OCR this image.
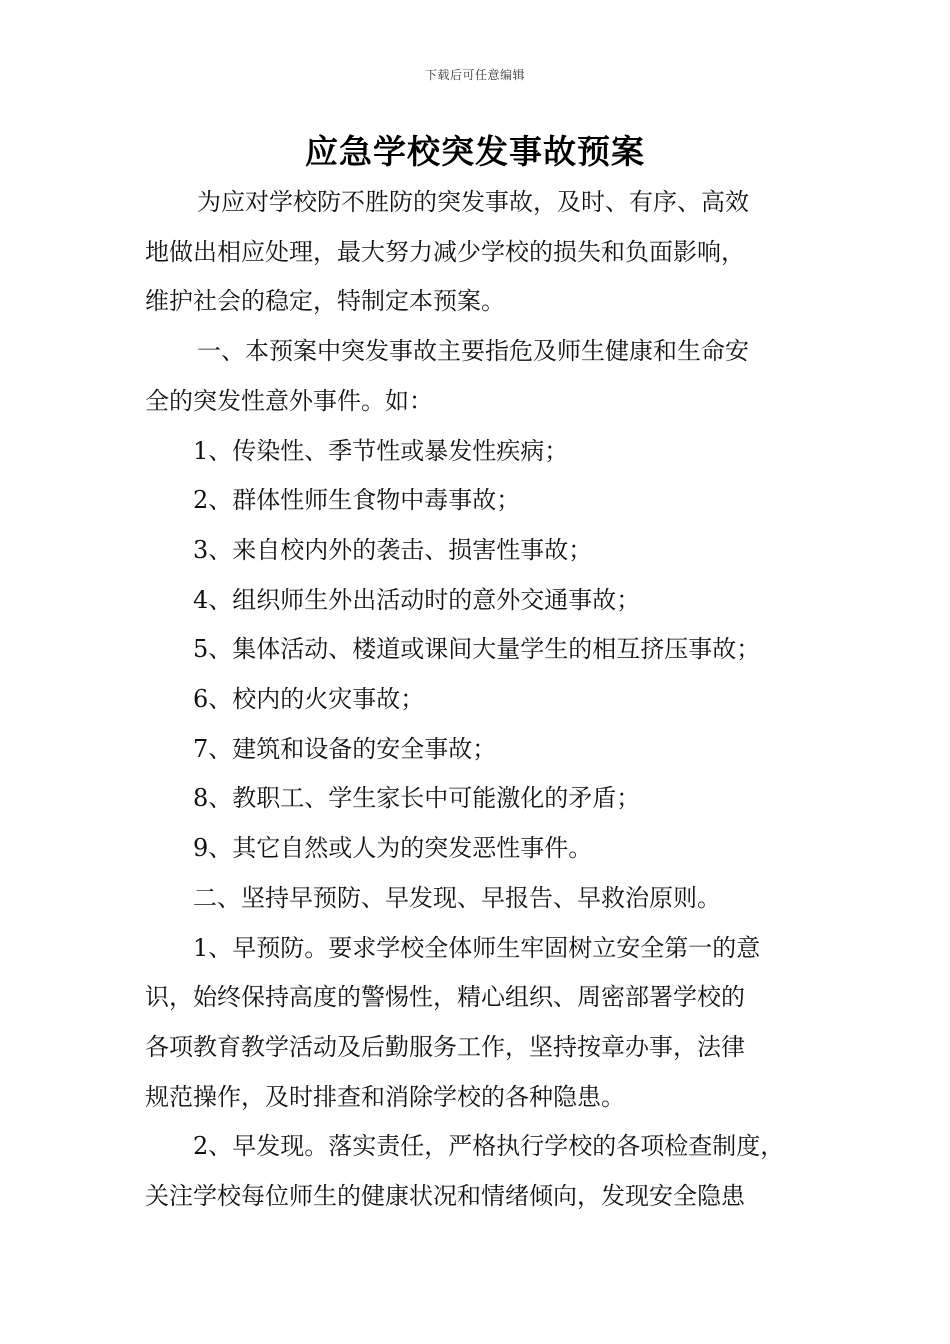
下载后可任意编辑
应急学校突发事故预案

为应对学校防不胜防的突发事故，及时、有序、高效

地做出相应处理，最大努力减少学校的损失和负面影响，

维护社会的稳定，特制定本预案。

一、本预案中突发事故主要指危及师生健康和生命安

全的突发性意外事件。如：

1、传染性、季节性或暴发性疾病；

2、群体性师生食物中毒事故；

3、来自校内外的袭击、损害性事故；

4、组织师生外出活动时的意外交通事故；

5、集体活动、楼道或课间大量学生的相互挤压事故；

6、校内的火灾事故；

7、建筑和设备的安全事故；

8、教职工、学生家长中可能激化的矛盾；

9、其它自然或人为的突发恶性事件。

二、坚持早预防、早发现、早报告、早救治原则。

1、早预防。要求学校全体师生牢固树立安全第一的意

识，始终保持高度的警惕性，精心组织、周密部署学校的

各项教育教学活动及后勤服务工作，坚持按章办事，法律

规范操作，及时排查和消除学校的各种隐患。

2、早发现。落实责任，严格执行学校的各项检查制度，

关注学校每位师生的健康状况和情绪倾向，发现安全隐患
